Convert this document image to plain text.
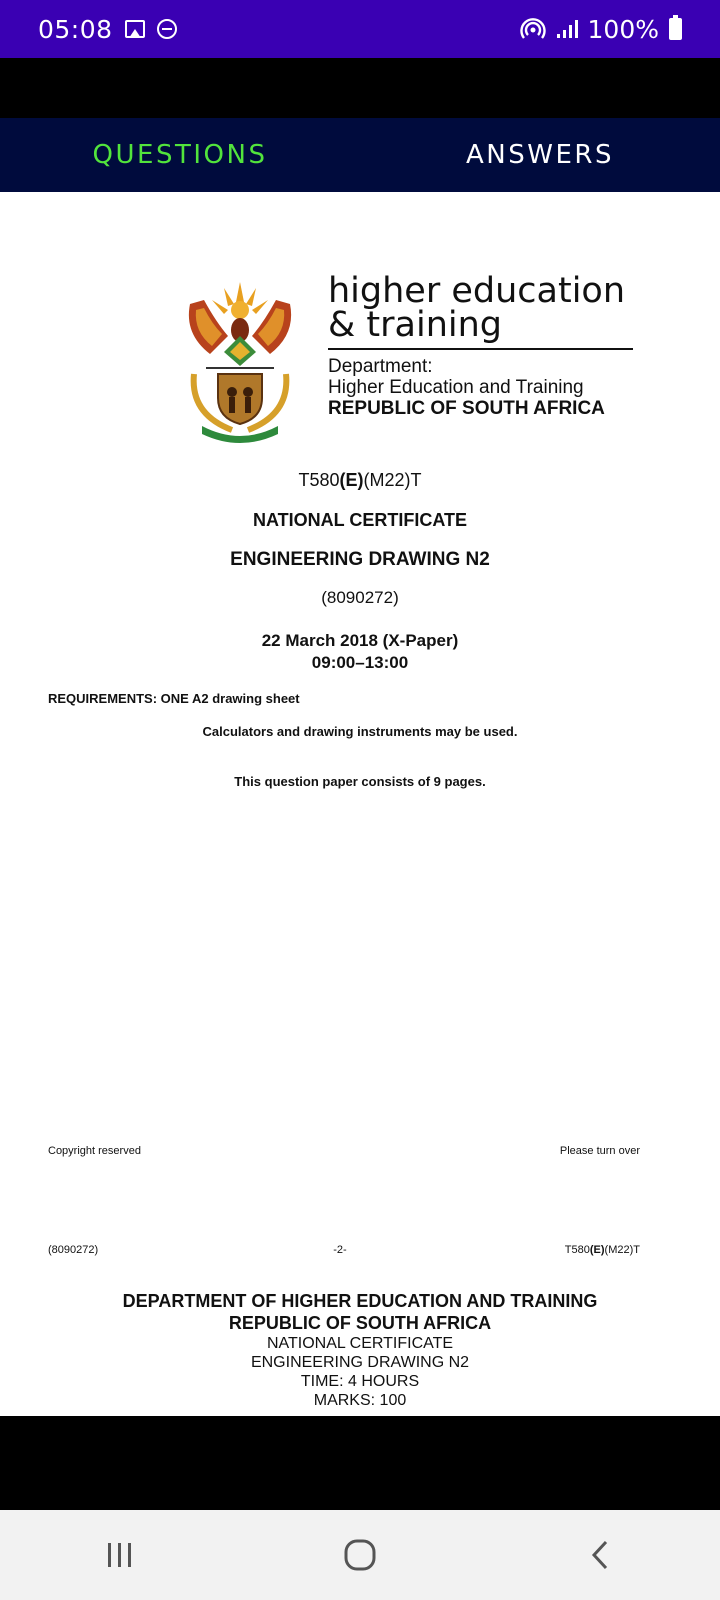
05:08	100%
QUESTIONS	ANSWERS
higher education
& training
Department:
Higher Education and Training
REPUBLIC OF SOUTH AFRICA
T580(E)(M22)T
NATIONAL CERTIFICATE
ENGINEERING DRAWING N2
(8090272)
22 March 2018 (X-Paper)
09:00–13:00
REQUIREMENTS: ONE A2 drawing sheet
Calculators and drawing instruments may be used.
This question paper consists of 9 pages.
Copyright reserved	Please turn over
(8090272)	-2-	T580(E)(M22)T
DEPARTMENT OF HIGHER EDUCATION AND TRAINING
REPUBLIC OF SOUTH AFRICA
NATIONAL CERTIFICATE
ENGINEERING DRAWING N2
TIME: 4 HOURS
MARKS: 100
